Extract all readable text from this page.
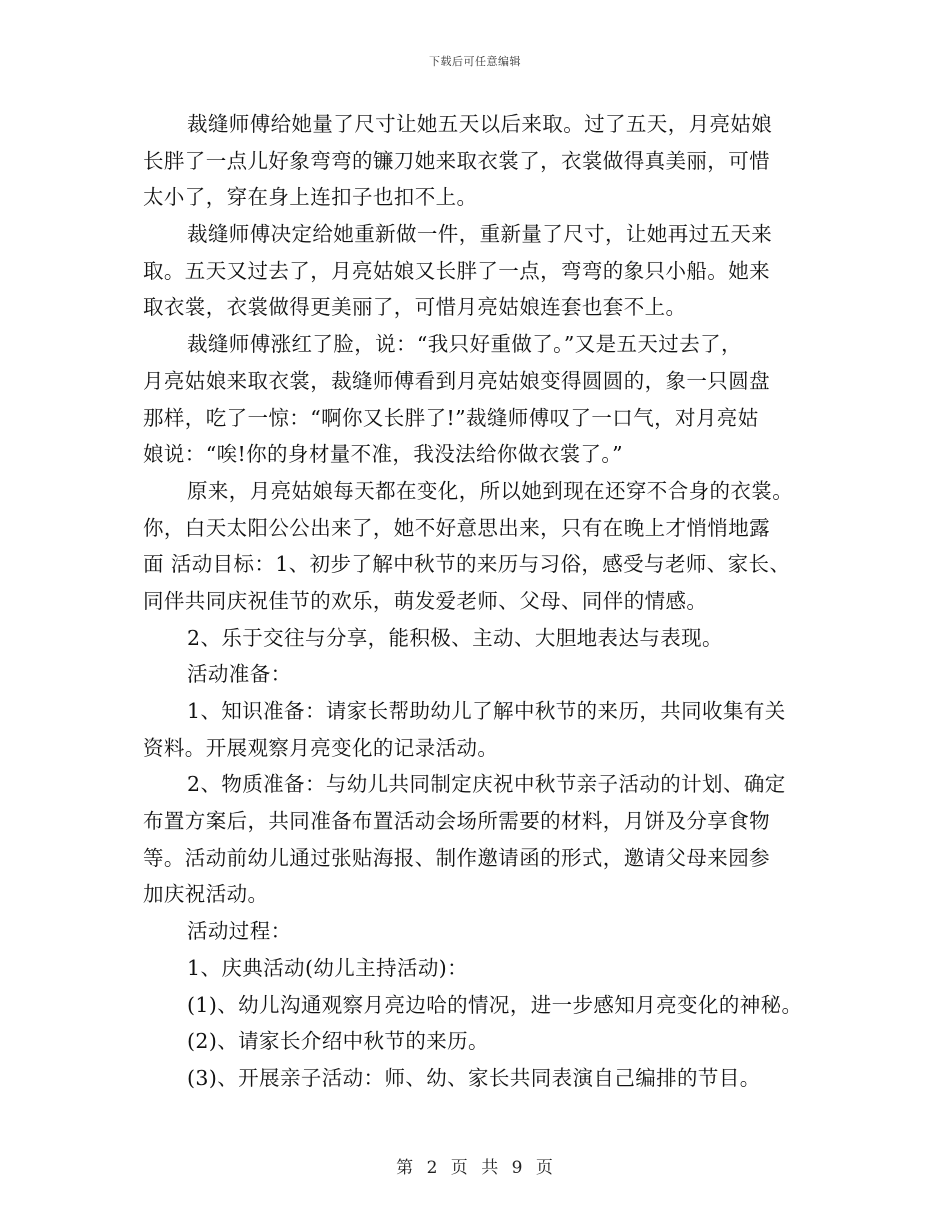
下载后可任意编辑
裁缝师傅给她量了尺寸让她五天以后来取。过了五天，月亮姑娘
长胖了一点儿好象弯弯的镰刀她来取衣裳了，衣裳做得真美丽，可惜
太小了，穿在身上连扣子也扣不上。
裁缝师傅决定给她重新做一件，重新量了尺寸，让她再过五天来
取。五天又过去了，月亮姑娘又长胖了一点，弯弯的象只小船。她来
取衣裳，衣裳做得更美丽了，可惜月亮姑娘连套也套不上。
裁缝师傅涨红了脸，说：“我只好重做了。”又是五天过去了，
月亮姑娘来取衣裳，裁缝师傅看到月亮姑娘变得圆圆的，象一只圆盘
那样，吃了一惊：“啊你又长胖了!”裁缝师傅叹了一口气，对月亮姑
娘说：“唉!你的身材量不准，我没法给你做衣裳了。”
原来，月亮姑娘每天都在变化，所以她到现在还穿不合身的衣裳。
你，白天太阳公公出来了，她不好意思出来，只有在晚上才悄悄地露
面 活动目标：1、初步了解中秋节的来历与习俗，感受与老师、家长、
同伴共同庆祝佳节的欢乐，萌发爱老师、父母、同伴的情感。
2、乐于交往与分享，能积极、主动、大胆地表达与表现。
活动准备：
1、知识准备：请家长帮助幼儿了解中秋节的来历，共同收集有关
资料。开展观察月亮变化的记录活动。
2、物质准备：与幼儿共同制定庆祝中秋节亲子活动的计划、确定
布置方案后，共同准备布置活动会场所需要的材料，月饼及分享食物
等。活动前幼儿通过张贴海报、制作邀请函的形式，邀请父母来园参
加庆祝活动。
活动过程：
1、庆典活动(幼儿主持活动)：
(1)、幼儿沟通观察月亮边哈的情况，进一步感知月亮变化的神秘。
(2)、请家长介绍中秋节的来历。
(3)、开展亲子活动：师、幼、家长共同表演自己编排的节目。
第 2 页 共 9 页
